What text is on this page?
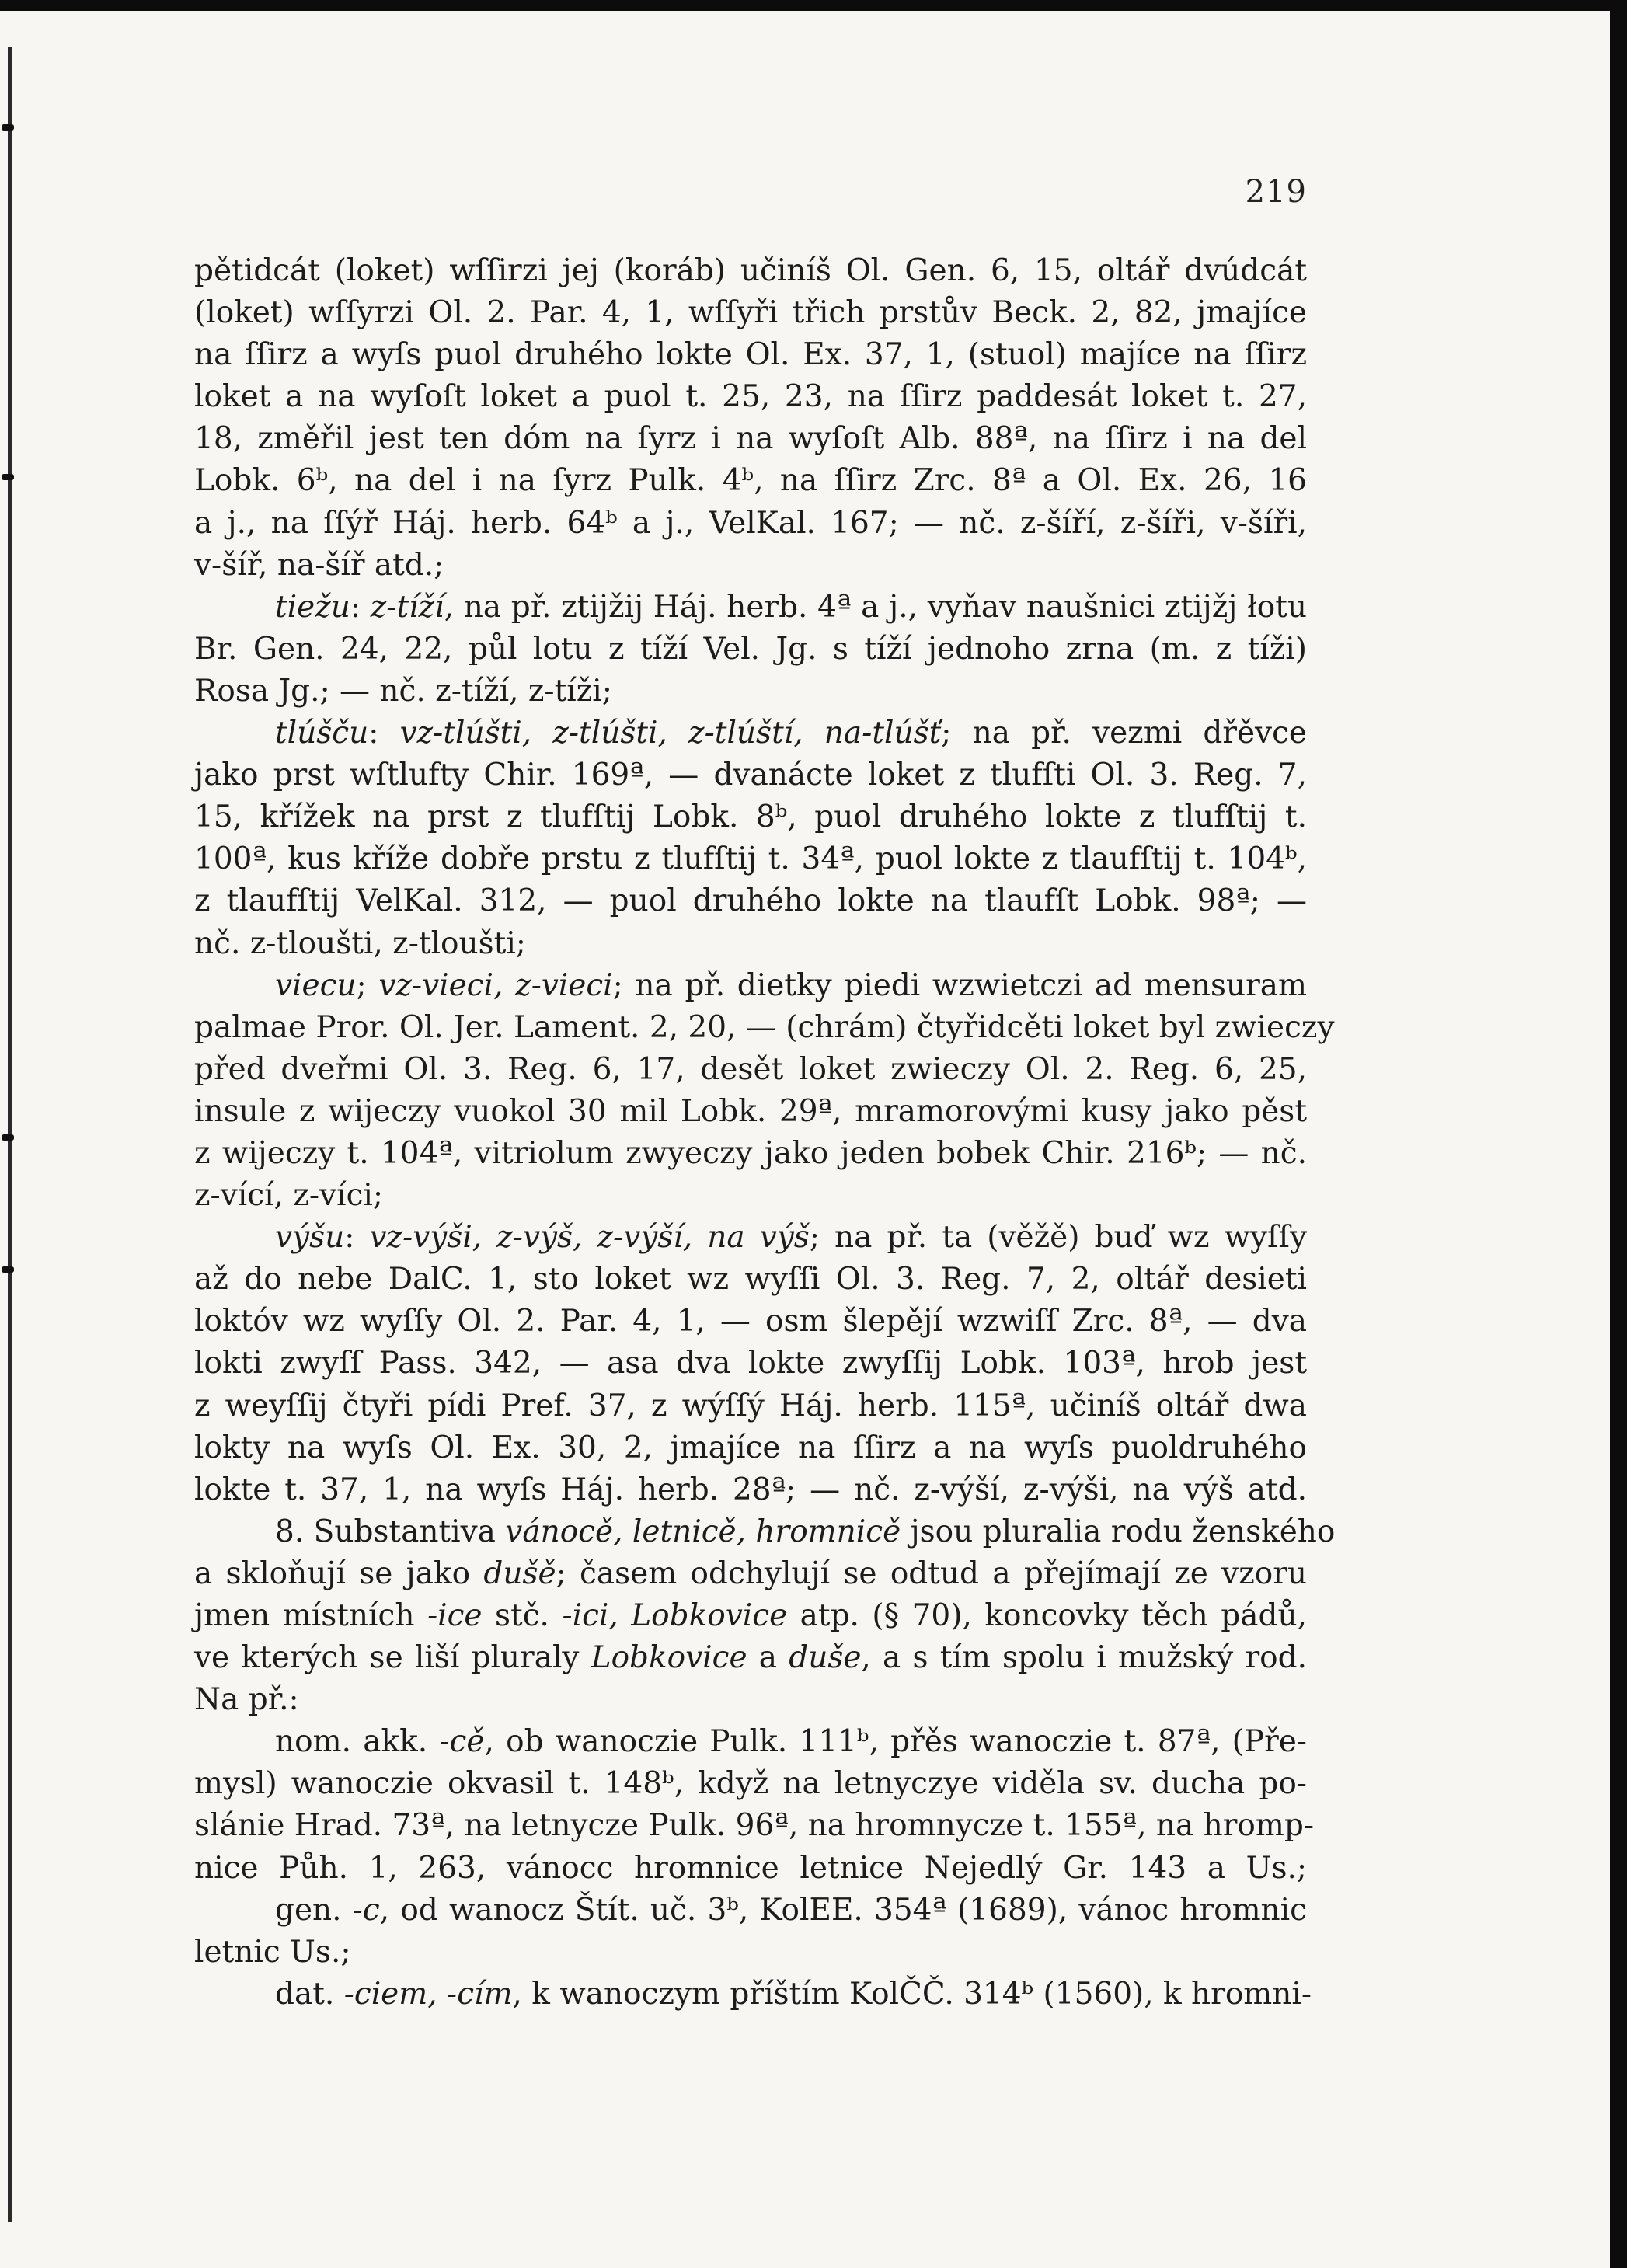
219
pětidcát (loket) wſſirzi jej (koráb) učiníš Ol. Gen. 6, 15, oltář dvúdcát
(loket) wſſyrzi Ol. 2. Par. 4, 1, wſſyři třich prstův Beck. 2, 82, jmajíce
na ſſirz a wyſs puol druhého lokte Ol. Ex. 37, 1, (stuol) majíce na ſſirz
loket a na wyſoſt loket a puol t. 25, 23, na ſſirz paddesát loket t. 27,
18, změřil jest ten dóm na ſyrz i na wyſoſt Alb. 88ª, na ſſirz i na del
Lobk. 6ᵇ, na del i na ſyrz Pulk. 4ᵇ, na ſſirz Zrc. 8ª a Ol. Ex. 26, 16
a j., na ſſýř Háj. herb. 64ᵇ a j., VelKal. 167; — nč. z-šíří, z-šíři, v-šíři,
v-šíř, na-šíř atd.;
tiežu: z-tíží, na př. ztijžij Háj. herb. 4ª a j., vyňav naušnici ztijžj łotu
Br. Gen. 24, 22, půl lotu z tíží Vel. Jg. s tíží jednoho zrna (m. z tíži)
Rosa Jg.; — nč. z-tíží, z-tíži;
tlúšču: vz-tlúšti, z-tlúšti, z-tlúští, na-tlúšť; na př. vezmi dřěvce
jako prst wſtlufty Chir. 169ª, — dvanácte loket z tlufſti Ol. 3. Reg. 7,
15, křížek na prst z tlufſtij Lobk. 8ᵇ, puol druhého lokte z tlufſtij t.
100ª, kus kříže dobře prstu z tlufſtij t. 34ª, puol lokte z tlaufſtij t. 104ᵇ,
z tlaufſtij VelKal. 312, — puol druhého lokte na tlaufſt Lobk. 98ª; —
nč. z-tloušti, z-tloušti;
viecu; vz-vieci, z-vieci; na př. dietky piedi wzwietczi ad mensuram
palmae Pror. Ol. Jer. Lament. 2, 20, — (chrám) čtyřidcěti loket byl zwieczy
před dveřmi Ol. 3. Reg. 6, 17, desět loket zwieczy Ol. 2. Reg. 6, 25,
insule z wijeczy vuokol 30 mil Lobk. 29ª, mramorovými kusy jako pěst
z wijeczy t. 104ª, vitriolum zwyeczy jako jeden bobek Chir. 216ᵇ; — nč.
z-vící, z-víci;
výšu: vz-výši, z-výš, z-výší, na výš; na př. ta (věžě) buď wz wyſſy
až do nebe DalC. 1, sto loket wz wyſſi Ol. 3. Reg. 7, 2, oltář desieti
loktóv wz wyſſy Ol. 2. Par. 4, 1, — osm šlepějí wzwiſſ Zrc. 8ª, — dva
lokti zwyſſ Pass. 342, — asa dva lokte zwyſſij Lobk. 103ª, hrob jest
z weyſſij čtyři pídi Pref. 37, z wýſſý Háj. herb. 115ª, učiníš oltář dwa
lokty na wyſs Ol. Ex. 30, 2, jmajíce na ſſirz a na wyſs puoldruhého
lokte t. 37, 1, na wyſs Háj. herb. 28ª; — nč. z-výší, z-výši, na výš atd.
8. Substantiva vánocě, letnicě, hromnicě jsou pluralia rodu ženského
a skloňují se jako dušě; časem odchylují se odtud a přejímají ze vzoru
jmen místních -ice stč. -ici, Lobkovice atp. (§ 70), koncovky těch pádů,
ve kterých se liší pluraly Lobkovice a duše, a s tím spolu i mužský rod.
Na př.:
nom. akk. -cě, ob wanoczie Pulk. 111ᵇ, přěs wanoczie t. 87ª, (Pře-
mysl) wanoczie okvasil t. 148ᵇ, když na letnyczye viděla sv. ducha po-
slánie Hrad. 73ª, na letnycze Pulk. 96ª, na hromnycze t. 155ª, na hromp-
nice Půh. 1, 263, vánocc hromnice letnice Nejedlý Gr. 143 a Us.;
gen. -c, od wanocz Štít. uč. 3ᵇ, KolEE. 354ª (1689), vánoc hromnic
letnic Us.;
dat. -ciem, -cím, k wanoczym příštím KolČČ. 314ᵇ (1560), k hromni-
